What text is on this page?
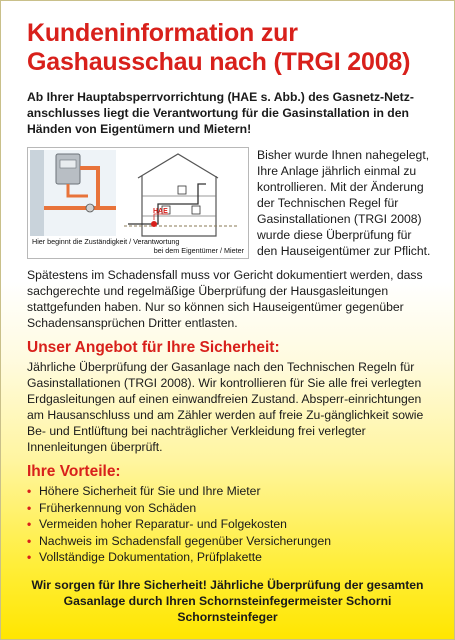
Kundeninformation zur Gashausschau nach (TRGI 2008)

Ab Ihrer Hauptabsperrvorrichtung (HAE s. Abb.) des Gasnetz-Netz-anschlusses liegt die Verantwortung für die Gasinstallation in den Händen von Eigentümern und Mietern!

HAE
Hier beginnt die Zuständigkeit / Verantwortung
bei dem Eigentümer / Mieter

Bisher wurde Ihnen nahegelegt, Ihre Anlage jährlich einmal zu kontrollieren. Mit der Änderung der Technischen Regel für Gasinstallationen (TRGI 2008) wurde diese Überprüfung für den Hauseigentümer zur Pflicht.

Spätestens im Schadensfall muss vor Gericht dokumentiert werden, dass sachgerechte und regelmäßige Überprüfung der Hausgasleitungen stattgefunden haben. Nur so können sich Hauseigentümer gegenüber Schadensansprüchen Dritter entlasten.

Unser Angebot für Ihre Sicherheit:

Jährliche Überprüfung der Gasanlage nach den Technischen Regeln für Gasinstallationen (TRGI 2008). Wir kontrollieren für Sie alle frei verlegten Erdgasleitungen auf einen einwandfreien Zustand. Absperr-einrichtungen am Hausanschluss und am Zähler werden auf freie Zu-gänglichkeit sowie Be- und Entlüftung bei nachträglicher Verkleidung frei verlegter Innenleitungen überprüft.

Ihre Vorteile:
• Höhere Sicherheit für Sie und Ihre Mieter
• Früherkennung von Schäden
• Vermeiden hoher Reparatur- und Folgekosten
• Nachweis im Schadensfall gegenüber Versicherungen
• Vollständige Dokumentation, Prüfplakette
Wir sorgen für Ihre Sicherheit! Jährliche Überprüfung der gesamten Gasanlage durch Ihren Schornsteinfegermeister Schorni Schornsteinfeger
